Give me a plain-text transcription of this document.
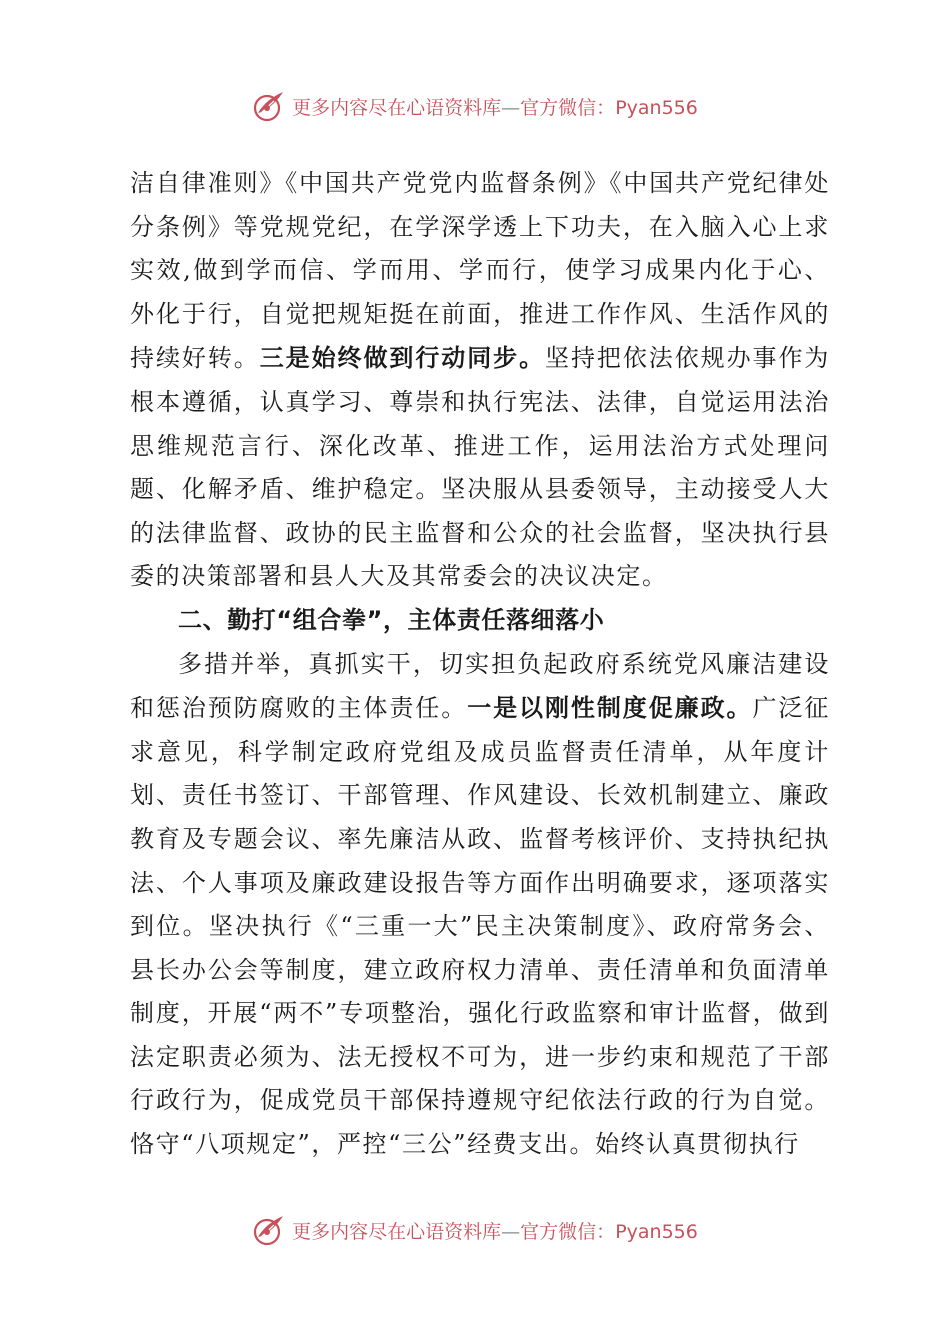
更多内容尽在心语资料库—官方微信：Pyan556

洁自律准则》《中国共产党党内监督条例》《中国共产党纪律处分条例》等党规党纪，在学深学透上下功夫，在入脑入心上求实效,做到学而信、学而用、学而行，使学习成果内化于心、外化于行，自觉把规矩挺在前面，推进工作作风、生活作风的持续好转。三是始终做到行动同步。坚持把依法依规办事作为根本遵循，认真学习、尊崇和执行宪法、法律，自觉运用法治思维规范言行、深化改革、推进工作，运用法治方式处理问题、化解矛盾、维护稳定。坚决服从县委领导，主动接受人大的法律监督、政协的民主监督和公众的社会监督，坚决执行县委的决策部署和县人大及其常委会的决议决定。

二、勤打“组合拳”，主体责任落细落小

多措并举，真抓实干，切实担负起政府系统党风廉洁建设和惩治预防腐败的主体责任。一是以刚性制度促廉政。广泛征求意见，科学制定政府党组及成员监督责任清单，从年度计划、责任书签订、干部管理、作风建设、长效机制建立、廉政教育及专题会议、率先廉洁从政、监督考核评价、支持执纪执法、个人事项及廉政建设报告等方面作出明确要求，逐项落实到位。坚决执行《“三重一大”民主决策制度》、政府常务会、县长办公会等制度，建立政府权力清单、责任清单和负面清单制度，开展“两不”专项整治，强化行政监察和审计监督，做到法定职责必须为、法无授权不可为，进一步约束和规范了干部行政行为，促成党员干部保持遵规守纪依法行政的行为自觉。恪守“八项规定”，严控“三公”经费支出。始终认真贯彻执行

更多内容尽在心语资料库—官方微信：Pyan556
